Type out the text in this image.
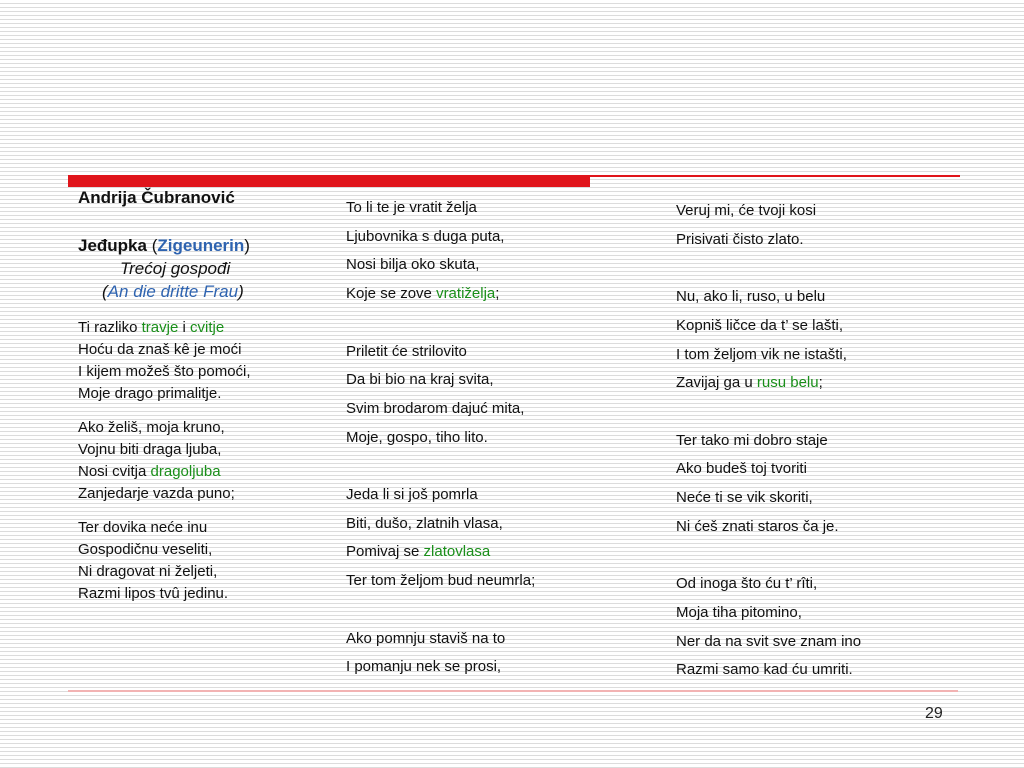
Andrija Čubranović
Jeđupka (Zigeunerin)
Trećoj gospođi
(An die dritte Frau)
Ti razliko travje i cvitje
Hoću da znaš kê je moći
I kijem možeš što pomoći,
Moje drago primalitje.
Ako želiš, moja kruno,
Vojnu biti draga ljuba,
Nosi cvitja dragoljuba
Zanjedarje vazda puno;
Ter dovika neće inu
Gospodičnu veseliti,
Ni dragovat ni željeti,
Razmi lipos tvû jedinu.
To li te je vratit želja
Ljubovnika s duga puta,
Nosi bilja oko skuta,
Koje se zove vratiželja;
Priletit će strilovito
Da bi bio na kraj svita,
Svim brodarom dajuć mita,
Moje, gospo, tiho lito.
Jeda li si još pomrla
Biti, dušo, zlatnih vlasa,
Pomivaj se zlatovlasa
Ter tom željom bud neumrla;
Ako pomnju staviš na to
I pomanju nek se prosi,
Veruj mi, će tvoji kosi
Prisivati čisto zlato.
Nu, ako li, ruso, u belu
Kopniš ličce da t’ se lašti,
I tom željom vik ne istašti,
Zavijaj ga u rusu belu;
Ter tako mi dobro staje
Ako budeš toj tvoriti
Neće ti se vik skoriti,
Ni ćeš znati staros ča je.
Od inoga što ću t’ rîti,
Moja tiha pitomino,
Ner da na svit sve znam ino
Razmi samo kad ću umriti.
29
